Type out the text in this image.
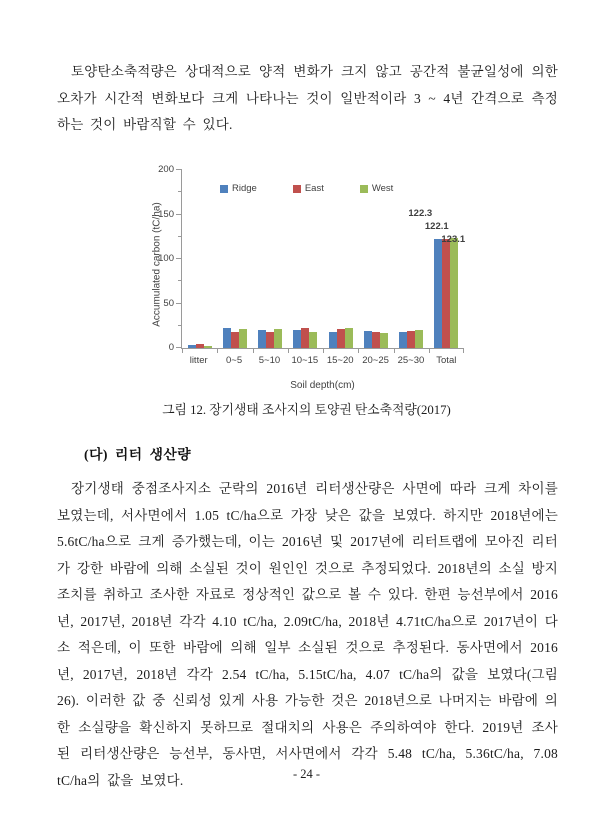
토양탄소축적량은 상대적으로 양적 변화가 크지 않고 공간적 불균일성에 의한 오차가 시간적 변화보다 크게 나타나는 것이 일반적이라 3 ~ 4년 간격으로 측정하는 것이 바람직할 수 있다.

Accumulated carbon (tC/ha)
0
50
100
150
200
Ridge	East	West
122.3
122.1
123.1
litter	0~5	5~10	10~15 15~20 20~25 25~30	Total
Soil depth(cm)

그림 12. 장기생태 조사지의 토양권 탄소축적량(2017)

(다) 리터 생산량

장기생태 중점조사지소 군락의 2016년 리터생산량은 사면에 따라 크게 차이를 보였는데, 서사면에서 1.05 tC/ha으로 가장 낮은 값을 보였다. 하지만 2018년에는 5.6tC/ha으로 크게 증가했는데, 이는 2016년 및 2017년에 리터트랩에 모아진 리터가 강한 바람에 의해 소실된 것이 원인인 것으로 추정되었다. 2018년의 소실 방지 조치를 취하고 조사한 자료로 정상적인 값으로 볼 수 있다. 한편 능선부에서 2016년, 2017년, 2018년 각각 4.10 tC/ha, 2.09tC/ha, 2018년 4.71tC/ha으로 2017년이 다소 적은데, 이 또한 바람에 의해 일부 소실된 것으로 추정된다. 동사면에서 2016년, 2017년, 2018년 각각 2.54 tC/ha, 5.15tC/ha, 4.07 tC/ha의 값을 보였다(그림 26). 이러한 값 중 신뢰성 있게 사용 가능한 것은 2018년으로 나머지는 바람에 의한 소실량을 확신하지 못하므로 절대치의 사용은 주의하여야 한다. 2019년 조사된 리터생산량은 능선부, 동사면, 서사면에서 각각 5.48 tC/ha, 5.36tC/ha, 7.08 tC/ha의 값을 보였다.	- 24 -
